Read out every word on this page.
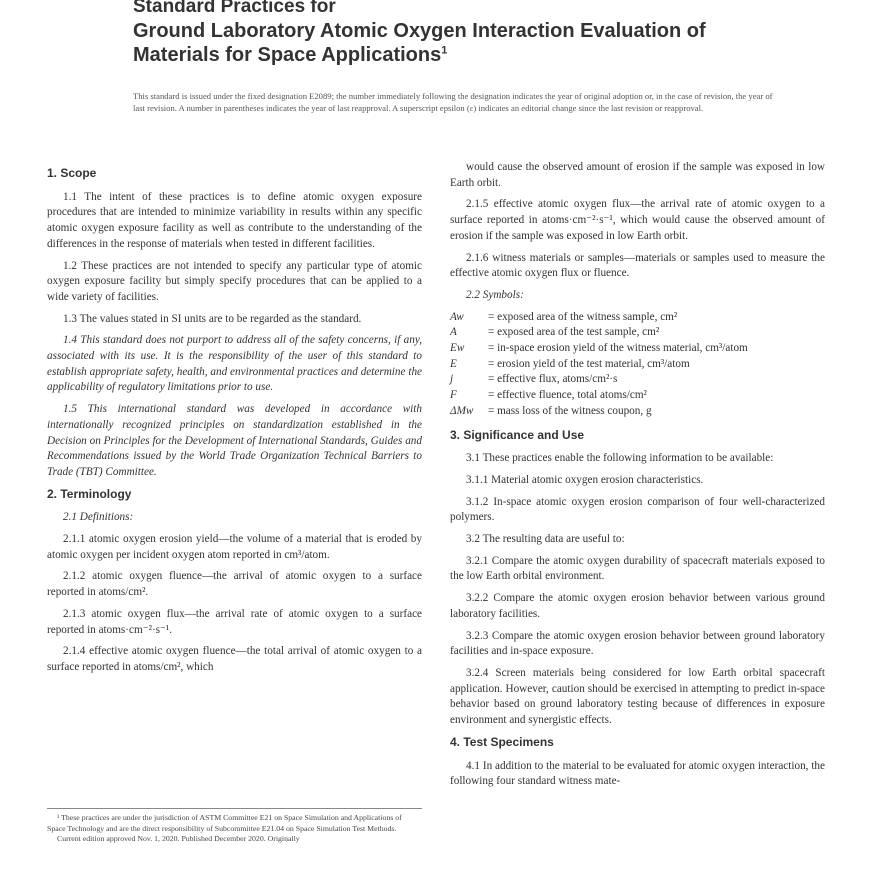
Standard Practices for
Ground Laboratory Atomic Oxygen Interaction Evaluation of
Materials for Space Applications$^1$
This standard is issued under the fixed designation E2089; the number immediately following the designation indicates the year of original adoption or, in the case of revision, the year of last revision. A number in parentheses indicates the year of last reapproval. A superscript epsilon (ε) indicates an editorial change since the last revision or reapproval.
1. Scope

1.1 The intent of these practices is to define atomic oxygen exposure procedures that are intended to minimize variability in results within any specific atomic oxygen exposure facility as well as contribute to the understanding of the differences in the response of materials when tested in different facilities.

1.2 These practices are not intended to specify any particular type of atomic oxygen exposure facility but simply specify procedures that can be applied to a wide variety of facilities.

1.3 The values stated in SI units are to be regarded as the standard.

1.4 This standard does not purport to address all of the safety concerns, if any, associated with its use. It is the responsibility of the user of this standard to establish appropriate safety, health, and environmental practices and determine the applicability of regulatory limitations prior to use.

1.5 This international standard was developed in accordance with internationally recognized principles on standardization established in the Decision on Principles for the Development of International Standards, Guides and Recommendations issued by the World Trade Organization Technical Barriers to Trade (TBT) Committee.

2. Terminology

2.1 Definitions:

2.1.1 atomic oxygen erosion yield—the volume of a material that is eroded by atomic oxygen per incident oxygen atom reported in cm³/atom.

2.1.2 atomic oxygen fluence—the arrival of atomic oxygen to a surface reported in atoms/cm².

2.1.3 atomic oxygen flux—the arrival rate of atomic oxygen to a surface reported in atoms·cm⁻²·s⁻¹.

2.1.4 effective atomic oxygen fluence—the total arrival of atomic oxygen to a surface reported in atoms/cm², which

¹ These practices are under the jurisdiction of ASTM Committee E21 on Space Simulation and Applications of Space Technology and are the direct responsibility of Subcommittee E21.04 on Space Simulation Test Methods.

Current edition approved Nov. 1, 2020. Published December 2020. Originally

would cause the observed amount of erosion if the sample was exposed in low Earth orbit.

2.1.5 effective atomic oxygen flux—the arrival rate of atomic oxygen to a surface reported in atoms·cm⁻²·s⁻¹, which would cause the observed amount of erosion if the sample was exposed in low Earth orbit.

2.1.6 witness materials or samples—materials or samples used to measure the effective atomic oxygen flux or fluence.

2.2 Symbols:

Aw	= exposed area of the witness sample, cm²
A	= exposed area of the test sample, cm²
Ew	= in-space erosion yield of the witness material, cm³/atom
E	= erosion yield of the test material, cm³/atom
j	= effective flux, atoms/cm²·s
F	= effective fluence, total atoms/cm²
ΔMw	= mass loss of the witness coupon, g
3. Significance and Use

3.1 These practices enable the following information to be available:

3.1.1 Material atomic oxygen erosion characteristics.

3.1.2 In-space atomic oxygen erosion comparison of four well-characterized polymers.

3.2 The resulting data are useful to:

3.2.1 Compare the atomic oxygen durability of spacecraft materials exposed to the low Earth orbital environment.

3.2.2 Compare the atomic oxygen erosion behavior between various ground laboratory facilities.

3.2.3 Compare the atomic oxygen erosion behavior between ground laboratory facilities and in-space exposure.

3.2.4 Screen materials being considered for low Earth orbital spacecraft application. However, caution should be exercised in attempting to predict in-space behavior based on ground laboratory testing because of differences in exposure environment and synergistic effects.

4. Test Specimens

4.1 In addition to the material to be evaluated for atomic oxygen interaction, the following four standard witness mate-
